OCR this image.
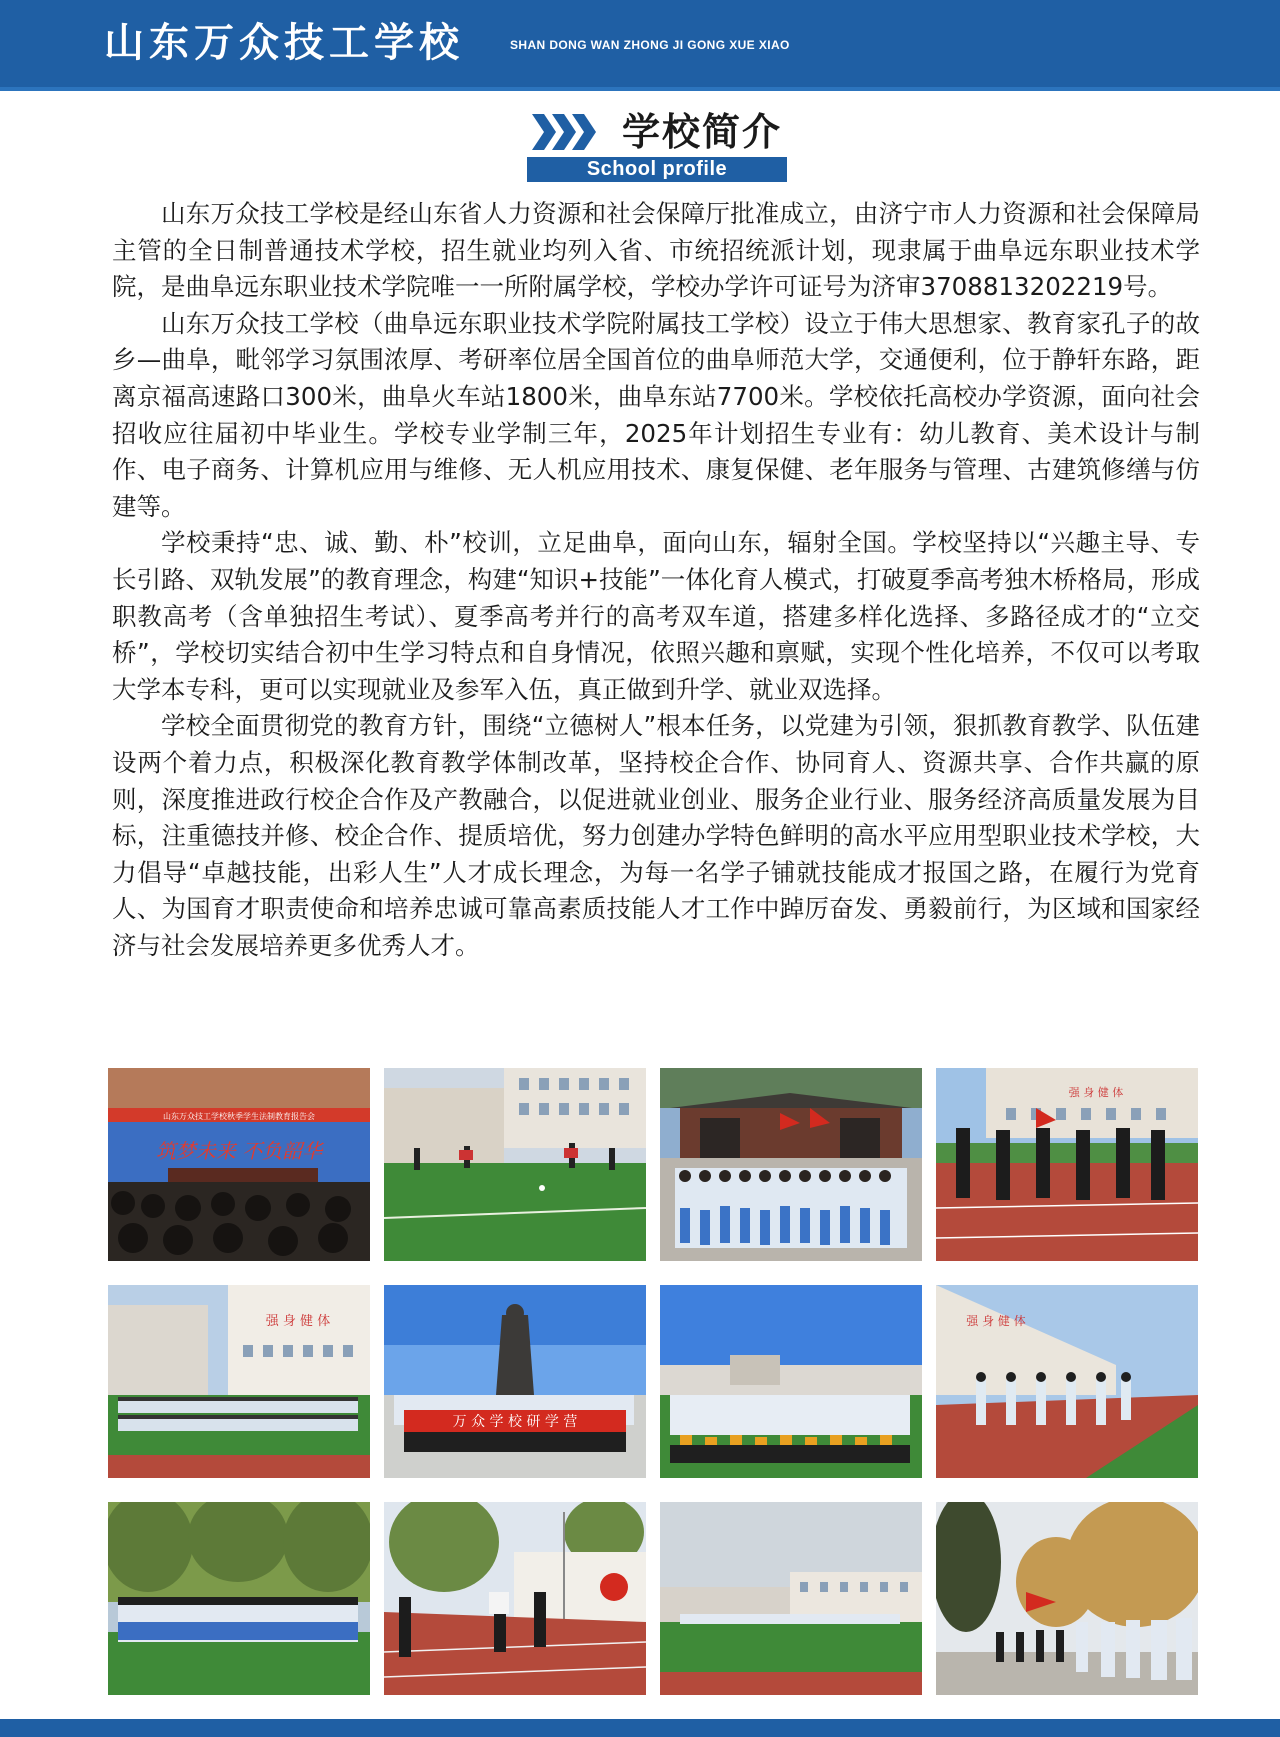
山东万众技工学校	SHAN DONG WAN ZHONG JI GONG XUE XIAO
学校简介
School profile

山东万众技工学校是经山东省人力资源和社会保障厅批准成立，由济宁市人力资源和社会保障局主管的全日制普通技术学校，招生就业均列入省、市统招统派计划，现隶属于曲阜远东职业技术学院，是曲阜远东职业技术学院唯一一所附属学校，学校办学许可证号为济审3708813202219号。

山东万众技工学校（曲阜远东职业技术学院附属技工学校）设立于伟大思想家、教育家孔子的故乡—曲阜，毗邻学习氛围浓厚、考研率位居全国首位的曲阜师范大学，交通便利，位于静轩东路，距离京福高速路口300米，曲阜火车站1800米，曲阜东站7700米。学校依托高校办学资源，面向社会招收应往届初中毕业生。学校专业学制三年，2025年计划招生专业有：幼儿教育、美术设计与制作、电子商务、计算机应用与维修、无人机应用技术、康复保健、老年服务与管理、古建筑修缮与仿建等。

学校秉持“忠、诚、勤、朴”校训，立足曲阜，面向山东，辐射全国。学校坚持以“兴趣主导、专长引路、双轨发展”的教育理念，构建“知识+技能”一体化育人模式，打破夏季高考独木桥格局，形成职教高考（含单独招生考试）、夏季高考并行的高考双车道，搭建多样化选择、多路径成才的“立交桥”，学校切实结合初中生学习特点和自身情况，依照兴趣和禀赋，实现个性化培养，不仅可以考取大学本专科，更可以实现就业及参军入伍，真正做到升学、就业双选择。

学校全面贯彻党的教育方针，围绕“立德树人”根本任务，以党建为引领，狠抓教育教学、队伍建设两个着力点，积极深化教育教学体制改革，坚持校企合作、协同育人、资源共享、合作共赢的原则，深度推进政行校企合作及产教融合，以促进就业创业、服务企业行业、服务经济高质量发展为目标，注重德技并修、校企合作、提质培优，努力创建办学特色鲜明的高水平应用型职业技术学校，大力倡导“卓越技能，出彩人生”人才成长理念，为每一名学子铺就技能成才报国之路，在履行为党育人、为国育才职责使命和培养忠诚可靠高素质技能人才工作中踔厉奋发、勇毅前行，为区域和国家经济与社会发展培养更多优秀人才。

山东万众技工学校秋季学生法制教育报告会
筑梦未来 不负韶华
强 身 健 体
强 身 健 体
万 众 学 校 研 学 营
强 身 健 体
